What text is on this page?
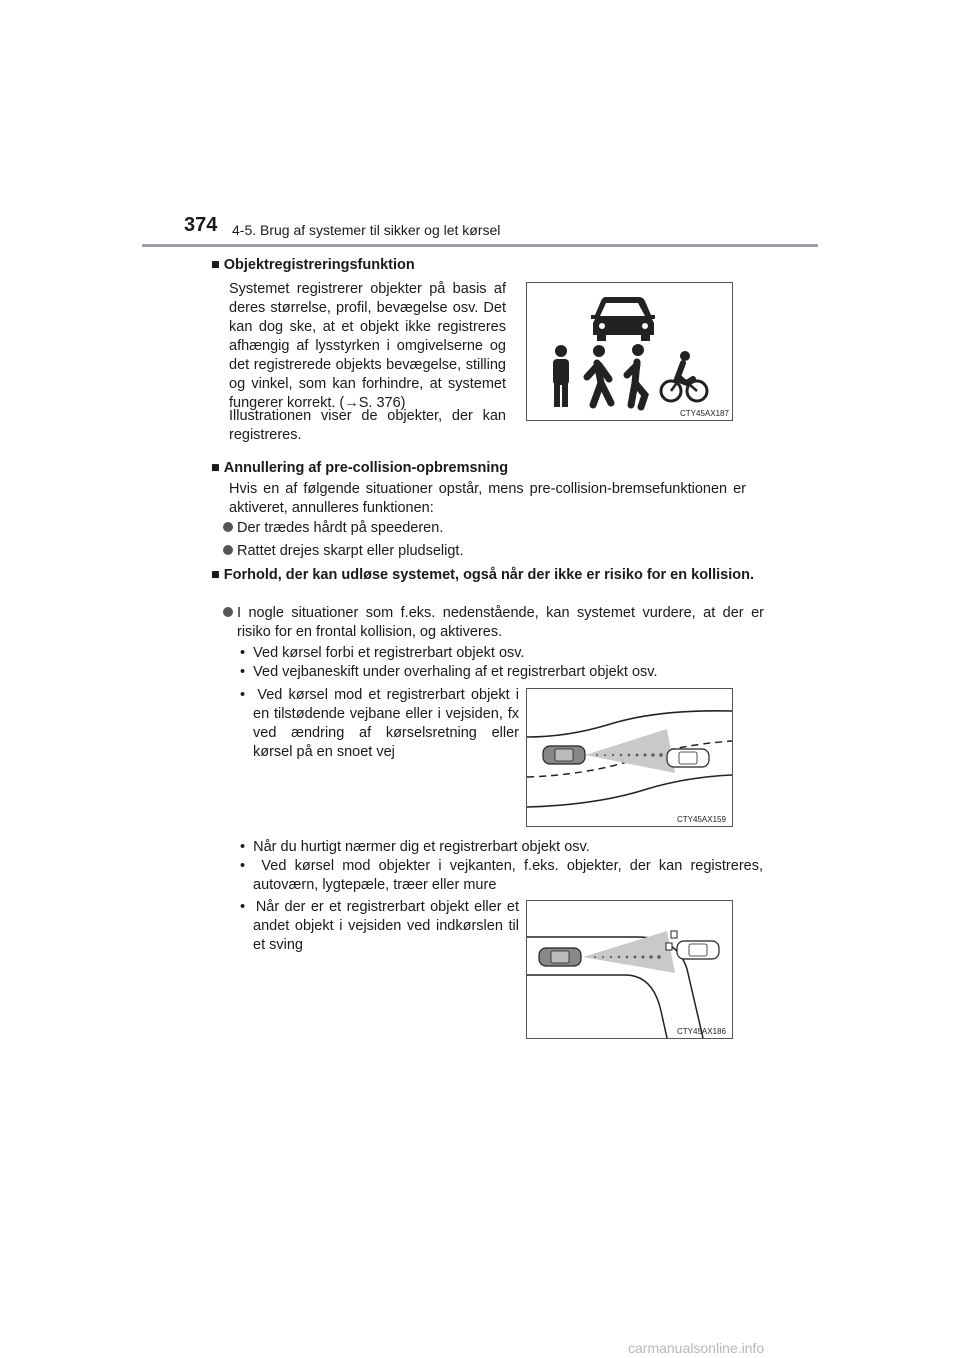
374 4-5. Brug af systemer til sikker og let kørsel
■ Objektregistreringsfunktion
Systemet registrerer objekter på basis af deres størrelse, profil, bevægelse osv. Det kan dog ske, at et objekt ikke registreres afhængig af lysstyrken i omgivelserne og det registrerede objekts bevægelse, stilling og vinkel, som kan forhindre, at systemet fungerer korrekt. (→S. 376)
Illustrationen viser de objekter, der kan registreres.
CTY45AX187
■ Annullering af pre-collision-opbremsning
Hvis en af følgende situationer opstår, mens pre-collision-bremsefunktionen er aktiveret, annulleres funktionen:
Der trædes hårdt på speederen.
Rattet drejes skarpt eller pludseligt.
■ Forhold, der kan udløse systemet, også når der ikke er risiko for en kollision.
I nogle situationer som f.eks. nedenstående, kan systemet vurdere, at der er risiko for en frontal kollision, og aktiveres.
•  Ved kørsel forbi et registrerbart objekt osv.
•  Ved vejbaneskift under overhaling af et registrerbart objekt osv.
•  Ved kørsel mod et registrerbart objekt i en tilstødende vejbane eller i vejsiden, fx ved ændring af kørselsretning eller kørsel på en snoet vej
CTY45AX159
•  Når du hurtigt nærmer dig et registrerbart objekt osv.
•  Ved kørsel mod objekter i vejkanten, f.eks. objekter, der kan registreres, autoværn, lygtepæle, træer eller mure
•  Når der er et registrerbart objekt eller et andet objekt i vejsiden ved indkørslen til et sving
CTY45AX186
carmanualsonline.info
